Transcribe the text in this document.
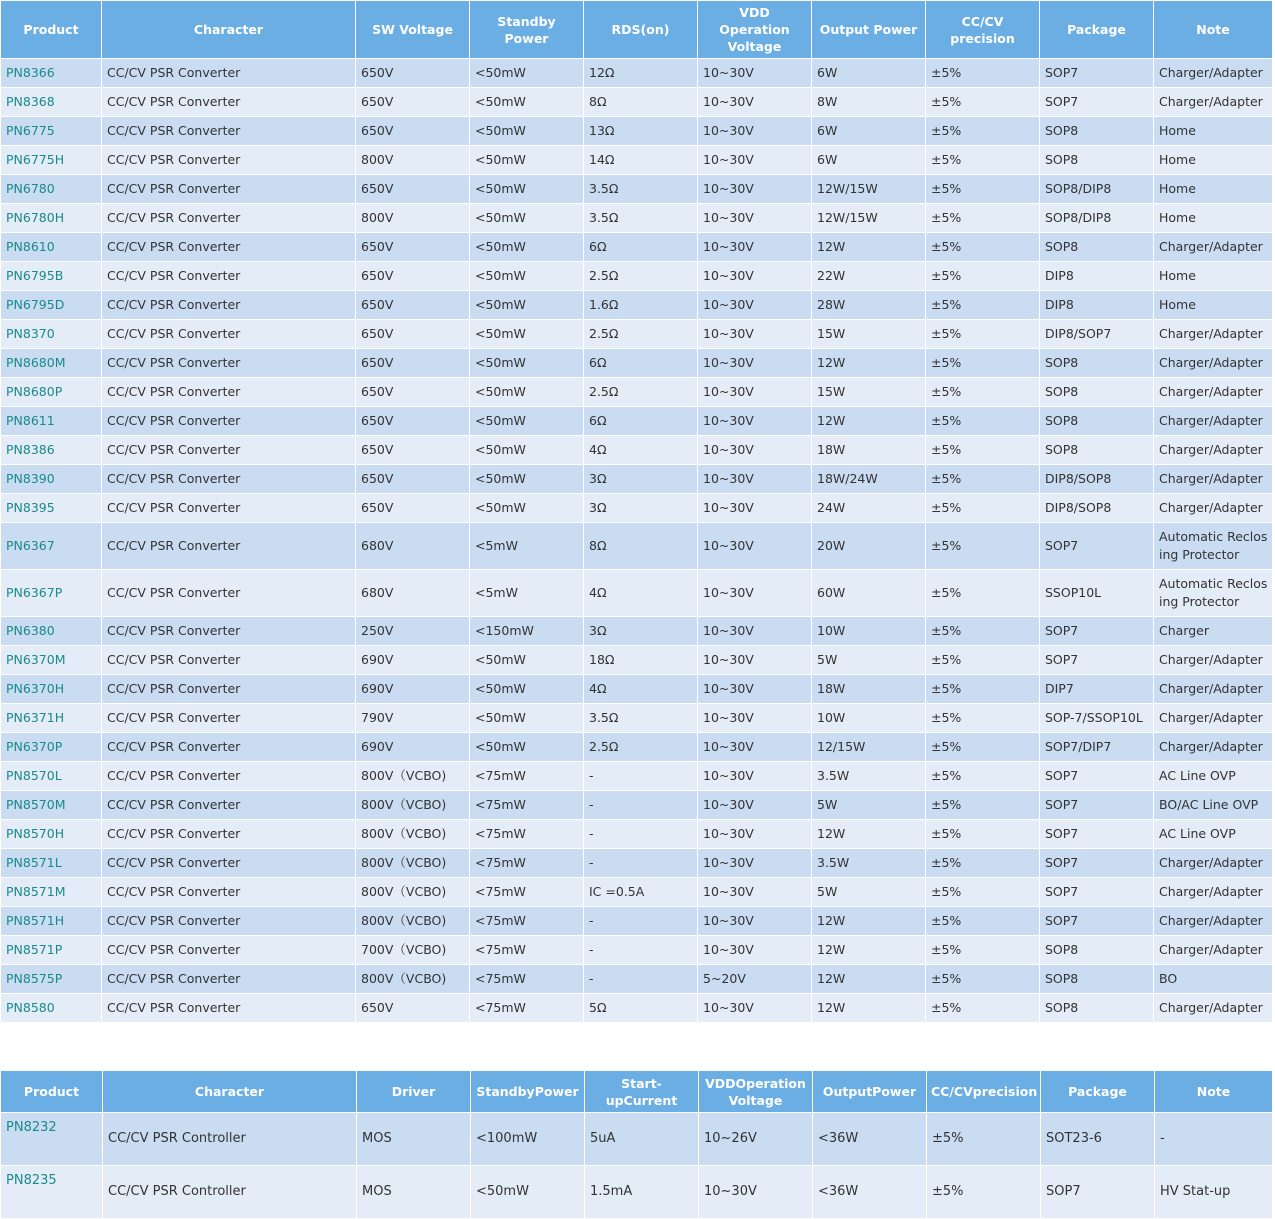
Product	Character	SW Voltage	Standby Power	RDS(on)	VDD Operation Voltage	Output Power	CC/CV precision	Package	Note
PN8366	CC/CV PSR Converter	650V	<50mW	12Ω	10~30V	6W	±5%	SOP7	Charger/Adapter
PN8368	CC/CV PSR Converter	650V	<50mW	8Ω	10~30V	8W	±5%	SOP7	Charger/Adapter
PN6775	CC/CV PSR Converter	650V	<50mW	13Ω	10~30V	6W	±5%	SOP8	Home
PN6775H	CC/CV PSR Converter	800V	<50mW	14Ω	10~30V	6W	±5%	SOP8	Home
PN6780	CC/CV PSR Converter	650V	<50mW	3.5Ω	10~30V	12W/15W	±5%	SOP8/DIP8	Home
PN6780H	CC/CV PSR Converter	800V	<50mW	3.5Ω	10~30V	12W/15W	±5%	SOP8/DIP8	Home
PN8610	CC/CV PSR Converter	650V	<50mW	6Ω	10~30V	12W	±5%	SOP8	Charger/Adapter
PN6795B	CC/CV PSR Converter	650V	<50mW	2.5Ω	10~30V	22W	±5%	DIP8	Home
PN6795D	CC/CV PSR Converter	650V	<50mW	1.6Ω	10~30V	28W	±5%	DIP8	Home
PN8370	CC/CV PSR Converter	650V	<50mW	2.5Ω	10~30V	15W	±5%	DIP8/SOP7	Charger/Adapter
PN8680M	CC/CV PSR Converter	650V	<50mW	6Ω	10~30V	12W	±5%	SOP8	Charger/Adapter
PN8680P	CC/CV PSR Converter	650V	<50mW	2.5Ω	10~30V	15W	±5%	SOP8	Charger/Adapter
PN8611	CC/CV PSR Converter	650V	<50mW	6Ω	10~30V	12W	±5%	SOP8	Charger/Adapter
PN8386	CC/CV PSR Converter	650V	<50mW	4Ω	10~30V	18W	±5%	SOP8	Charger/Adapter
PN8390	CC/CV PSR Converter	650V	<50mW	3Ω	10~30V	18W/24W	±5%	DIP8/SOP8	Charger/Adapter
PN8395	CC/CV PSR Converter	650V	<50mW	3Ω	10~30V	24W	±5%	DIP8/SOP8	Charger/Adapter
PN6367	CC/CV PSR Converter	680V	<5mW	8Ω	10~30V	20W	±5%	SOP7	Automatic Reclosing Protector
PN6367P	CC/CV PSR Converter	680V	<5mW	4Ω	10~30V	60W	±5%	SSOP10L	Automatic Reclosing Protector
PN6380	CC/CV PSR Converter	250V	<150mW	3Ω	10~30V	10W	±5%	SOP7	Charger
PN6370M	CC/CV PSR Converter	690V	<50mW	18Ω	10~30V	5W	±5%	SOP7	Charger/Adapter
PN6370H	CC/CV PSR Converter	690V	<50mW	4Ω	10~30V	18W	±5%	DIP7	Charger/Adapter
PN6371H	CC/CV PSR Converter	790V	<50mW	3.5Ω	10~30V	10W	±5%	SOP-7/SSOP10L	Charger/Adapter
PN6370P	CC/CV PSR Converter	690V	<50mW	2.5Ω	10~30V	12/15W	±5%	SOP7/DIP7	Charger/Adapter
PN8570L	CC/CV PSR Converter	800V（VCBO)	<75mW	-	10~30V	3.5W	±5%	SOP7	AC Line OVP
PN8570M	CC/CV PSR Converter	800V（VCBO)	<75mW	-	10~30V	5W	±5%	SOP7	BO/AC Line OVP
PN8570H	CC/CV PSR Converter	800V（VCBO)	<75mW	-	10~30V	12W	±5%	SOP7	AC Line OVP
PN8571L	CC/CV PSR Converter	800V（VCBO)	<75mW	-	10~30V	3.5W	±5%	SOP7	Charger/Adapter
PN8571M	CC/CV PSR Converter	800V（VCBO)	<75mW	IC =0.5A	10~30V	5W	±5%	SOP7	Charger/Adapter
PN8571H	CC/CV PSR Converter	800V（VCBO)	<75mW	-	10~30V	12W	±5%	SOP7	Charger/Adapter
PN8571P	CC/CV PSR Converter	700V（VCBO)	<75mW	-	10~30V	12W	±5%	SOP8	Charger/Adapter
PN8575P	CC/CV PSR Converter	800V（VCBO)	<75mW	-	5~20V	12W	±5%	SOP8	BO
PN8580	CC/CV PSR Converter	650V	<75mW	5Ω	10~30V	12W	±5%	SOP8	Charger/Adapter
Product	Character	Driver	StandbyPower	Start-upCurrent	VDDOperation Voltage	OutputPower	CC/CVprecision	Package	Note
PN8232	CC/CV PSR Controller	MOS	<100mW	5uA	10~26V	<36W	±5%	SOT23-6	-
PN8235	CC/CV PSR Controller	MOS	<50mW	1.5mA	10~30V	<36W	±5%	SOP7	HV Stat-up
